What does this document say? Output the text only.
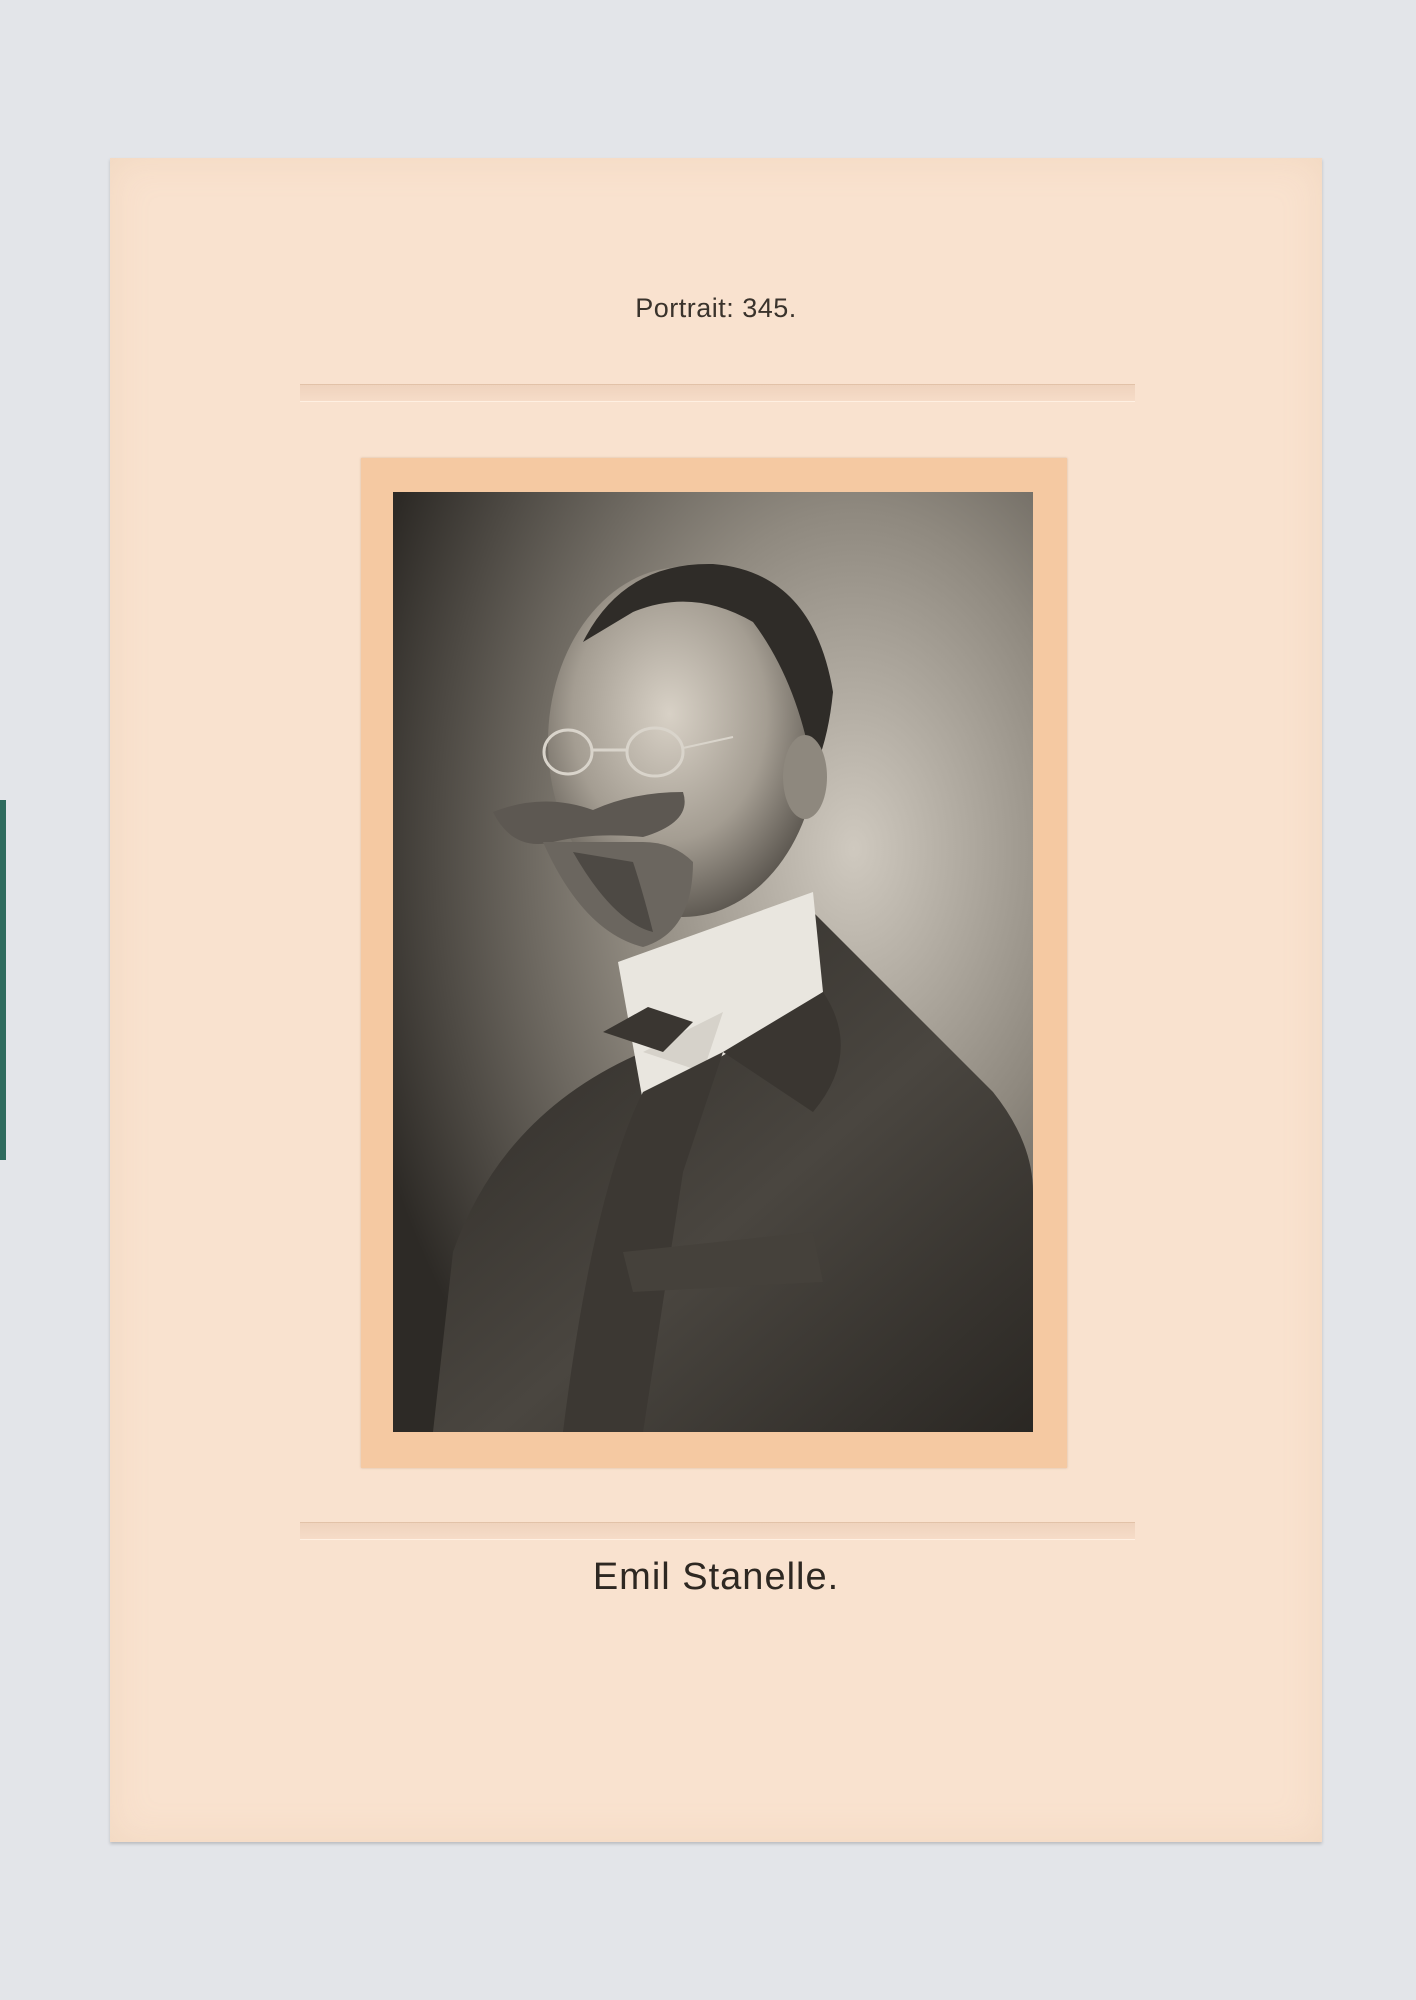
Portrait: 345.
Emil Stanelle.
